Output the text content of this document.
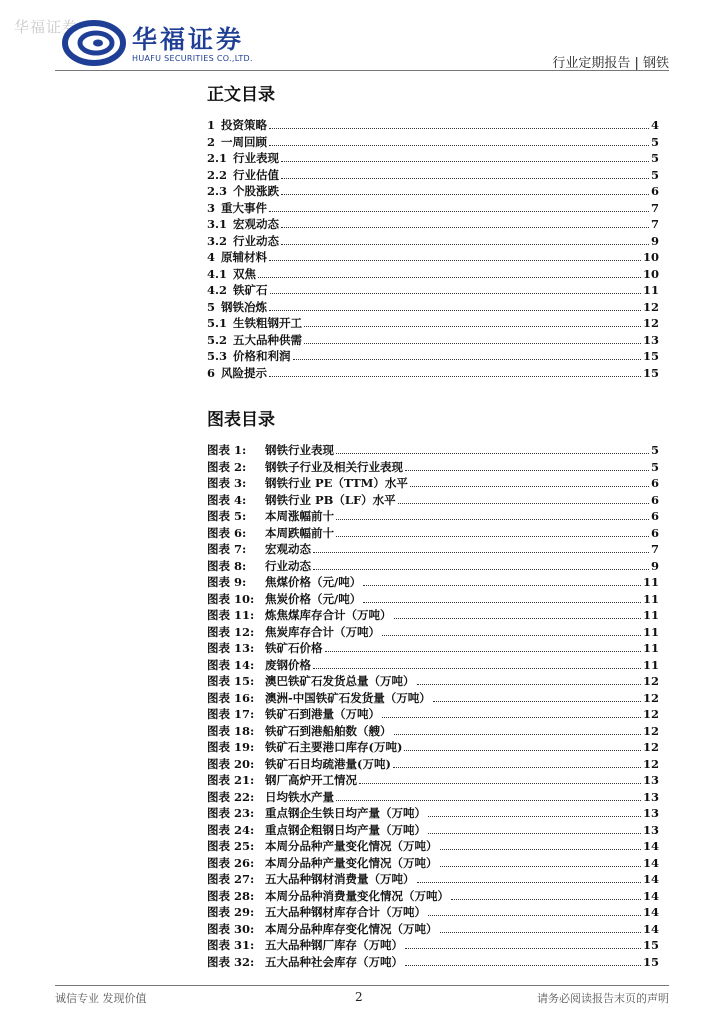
华福证券 华福证券
HUAFU SECURITIES CO.,LTD.	行业定期报告 | 钢铁
正文目录
1 投资策略	4
2 一周回顾	5
2.1 行业表现	5
2.2 行业估值	5
2.3 个股涨跌	6
3 重大事件	7
3.1 宏观动态	7
3.2 行业动态	9
4 原辅材料	10
4.1 双焦	10
4.2 铁矿石	11
5 钢铁冶炼	12
5.1 生铁粗钢开工	12
5.2 五大品种供需	13
5.3 价格和利润	15
6 风险提示	15
图表目录
图表 1:	钢铁行业表现	5
图表 2:	钢铁子行业及相关行业表现	5
图表 3:	钢铁行业 PE（TTM）水平	6
图表 4:	钢铁行业 PB（LF）水平	6
图表 5:	本周涨幅前十	6
图表 6:	本周跌幅前十	6
图表 7:	宏观动态	7
图表 8:	行业动态	9
图表 9:	焦煤价格（元/吨）	11
图表 10: 焦炭价格（元/吨）	11
图表 11: 炼焦煤库存合计（万吨）	11
图表 12: 焦炭库存合计（万吨）	11
图表 13: 铁矿石价格	11
图表 14: 废钢价格	11
图表 15: 澳巴铁矿石发货总量（万吨）	12
图表 16: 澳洲-中国铁矿石发货量（万吨）	12
图表 17: 铁矿石到港量（万吨）	12
图表 18: 铁矿石到港船舶数（艘）	12
图表 19: 铁矿石主要港口库存(万吨)	12
图表 20: 铁矿石日均疏港量(万吨)	12
图表 21: 钢厂高炉开工情况	13
图表 22: 日均铁水产量	13
图表 23: 重点钢企生铁日均产量（万吨）	13
图表 24: 重点钢企粗钢日均产量（万吨）	13
图表 25: 本周分品种产量变化情况（万吨）	14
图表 26: 本周分品种产量变化情况（万吨）	14
图表 27: 五大品种钢材消费量（万吨）	14
图表 28: 本周分品种消费量变化情况（万吨）	14
图表 29: 五大品种钢材库存合计（万吨）	14
图表 30: 本周分品种库存变化情况（万吨）	14
图表 31: 五大品种钢厂库存（万吨）	15
图表 32: 五大品种社会库存（万吨）	15
诚信专业 发现价值	2	请务必阅读报告末页的声明
